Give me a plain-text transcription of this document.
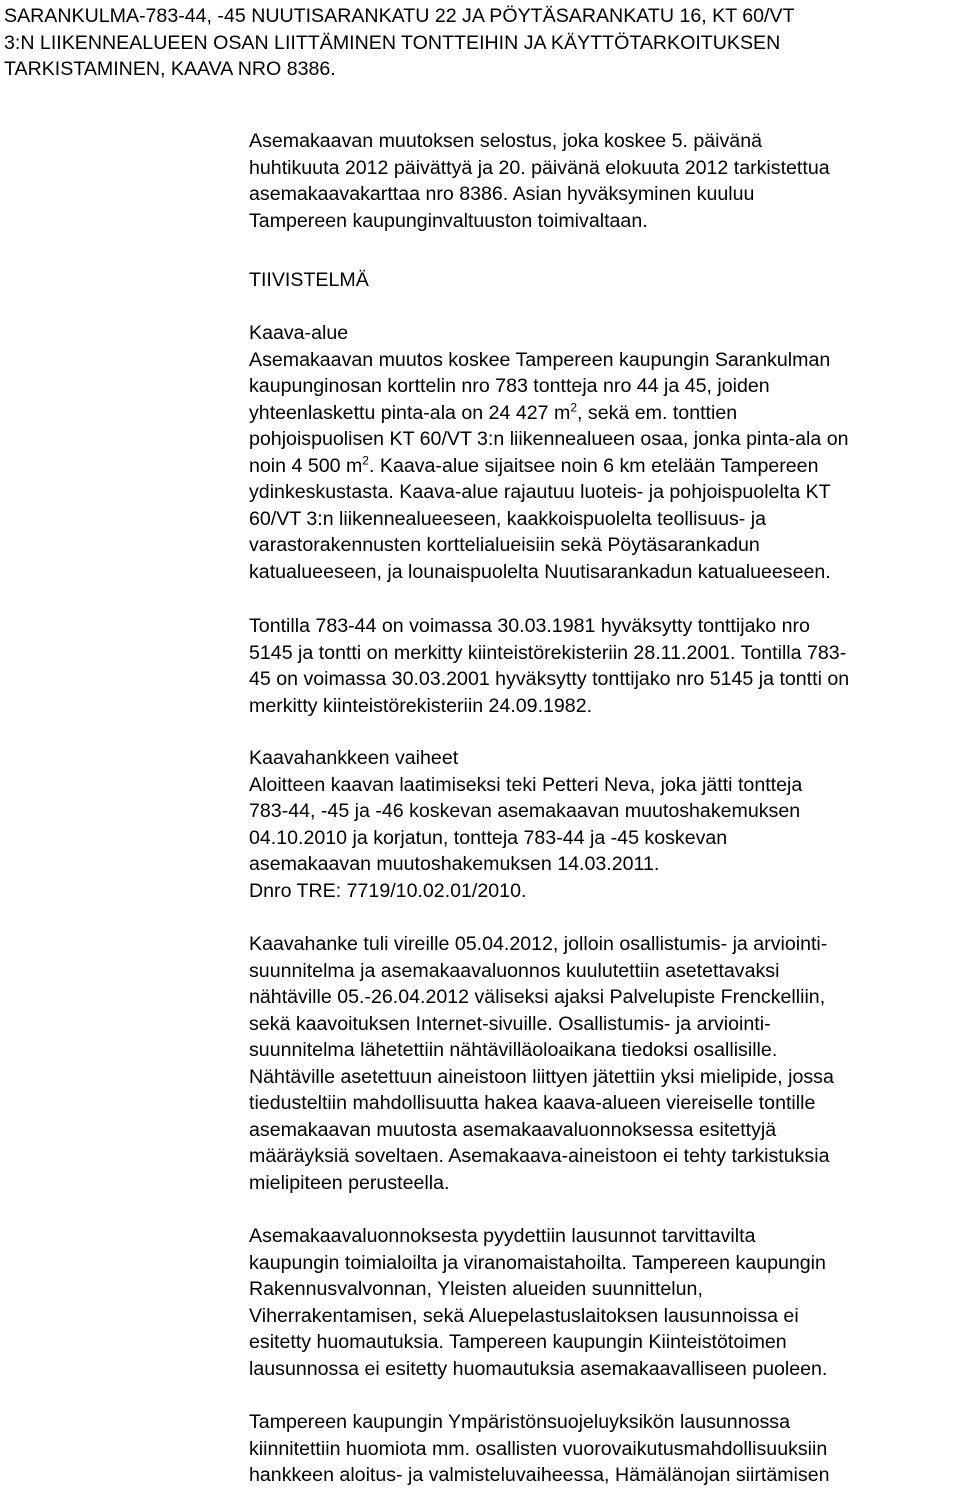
SARANKULMA-783-44, -45 NUUTISARANKATU 22 JA PÖYTÄSARANKATU 16, KT 60/VT
3:N LIIKENNEALUEEN OSAN LIITTÄMINEN TONTTEIHIN JA KÄYTTÖTARKOITUKSEN
TARKISTAMINEN, KAAVA NRO 8386.
Asemakaavan muutoksen selostus, joka koskee 5. päivänä
huhtikuuta 2012 päivättyä ja 20. päivänä elokuuta 2012 tarkistettua
asemakaavakarttaa nro 8386. Asian hyväksyminen kuuluu
Tampereen kaupunginvaltuuston toimivaltaan.
TIIVISTELMÄ
Kaava-alue
Asemakaavan muutos koskee Tampereen kaupungin Sarankulman
kaupunginosan korttelin nro 783 tontteja nro 44 ja 45, joiden
yhteenlaskettu pinta-ala on 24 427 $m^2$, sekä em. tonttien
pohjoispuolisen KT 60/VT 3:n liikennealueen osaa, jonka pinta-ala on
noin 4 500 $m^2$. Kaava-alue sijaitsee noin 6 km etelään Tampereen
ydinkeskustasta. Kaava-alue rajautuu luoteis- ja pohjoispuolelta KT
60/VT 3:n liikennealueeseen, kaakkoispuolelta teollisuus- ja
varastorakennusten korttelialueisiin sekä Pöytäsarankadun
katualueeseen, ja lounaispuolelta Nuutisarankadun katualueeseen.
Tontilla 783-44 on voimassa 30.03.1981 hyväksytty tonttijako nro
5145 ja tontti on merkitty kiinteistörekisteriin 28.11.2001. Tontilla 783-
45 on voimassa 30.03.2001 hyväksytty tonttijako nro 5145 ja tontti on
merkitty kiinteistörekisteriin 24.09.1982.
Kaavahankkeen vaiheet
Aloitteen kaavan laatimiseksi teki Petteri Neva, joka jätti tontteja
783-44, -45 ja -46 koskevan asemakaavan muutoshakemuksen
04.10.2010 ja korjatun, tontteja 783-44 ja -45 koskevan
asemakaavan muutoshakemuksen 14.03.2011.
Dnro TRE: 7719/10.02.01/2010.
Kaavahanke tuli vireille 05.04.2012, jolloin osallistumis- ja arviointi-
suunnitelma ja asemakaavaluonnos kuulutettiin asetettavaksi
nähtäville 05.-26.04.2012 väliseksi ajaksi Palvelupiste Frenckelliin,
sekä kaavoituksen Internet-sivuille. Osallistumis- ja arviointi-
suunnitelma lähetettiin nähtävilläoloaikana tiedoksi osallisille.
Nähtäville asetettuun aineistoon liittyen jätettiin yksi mielipide, jossa
tiedusteltiin mahdollisuutta hakea kaava-alueen viereiselle tontille
asemakaavan muutosta asemakaavaluonnoksessa esitettyjä
määräyksiä soveltaen. Asemakaava-aineistoon ei tehty tarkistuksia
mielipiteen perusteella.
Asemakaavaluonnoksesta pyydettiin lausunnot tarvittavilta
kaupungin toimialoilta ja viranomaistahoilta. Tampereen kaupungin
Rakennusvalvonnan, Yleisten alueiden suunnittelun,
Viherrakentamisen, sekä Aluepelastuslaitoksen lausunnoissa ei
esitetty huomautuksia. Tampereen kaupungin Kiinteistötoimen
lausunnossa ei esitetty huomautuksia asemakaavalliseen puoleen.
Tampereen kaupungin Ympäristönsuojeluyksikön lausunnossa
kiinnitettiin huomiota mm. osallisten vuorovaikutusmahdollisuuksiin
hankkeen aloitus- ja valmisteluvaiheessa, Hämälänojan siirtämisen
